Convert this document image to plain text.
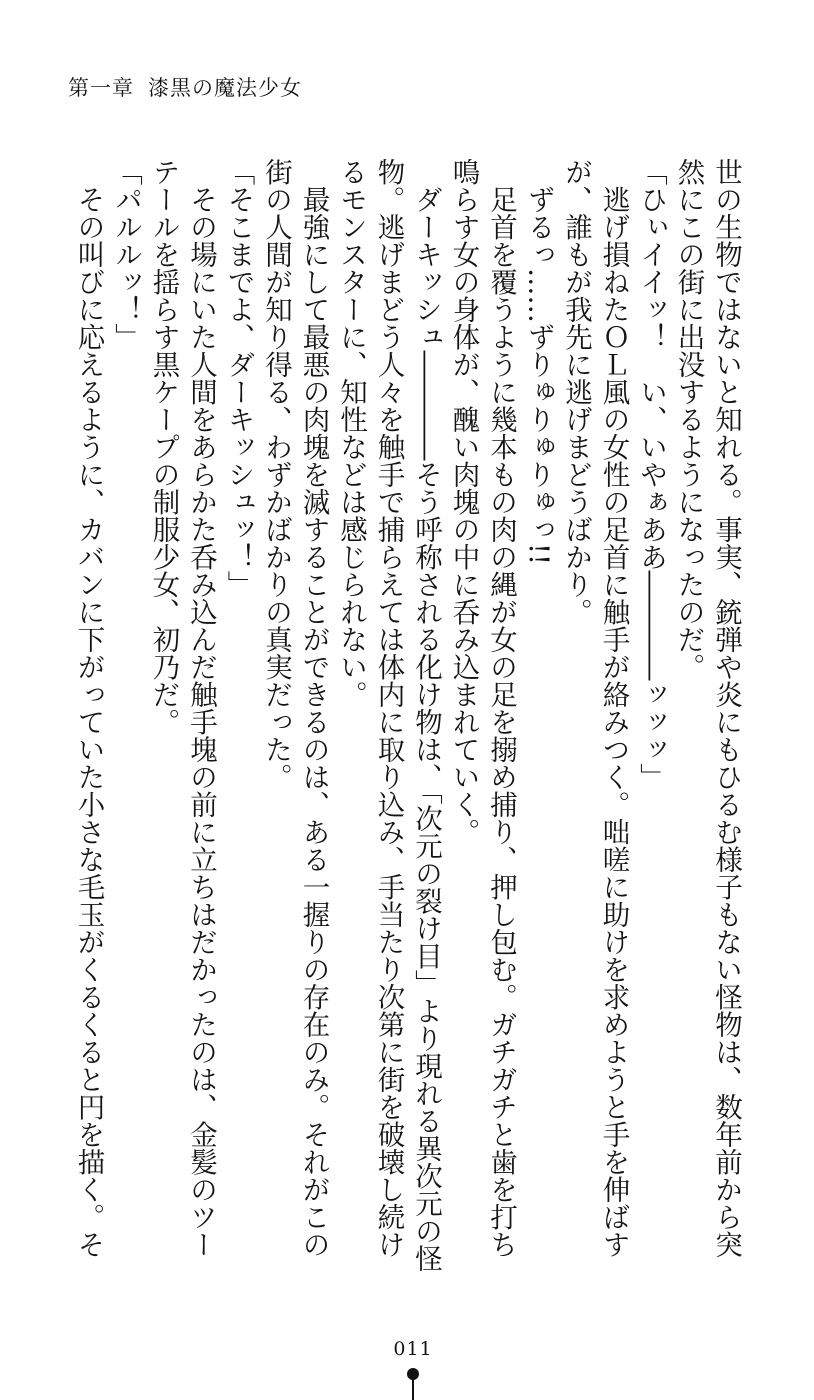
第一章 漆黒の魔法少女
世の生物ではないと知れる。事実、銃弾や炎にもひるむ様子もない怪物は、数年前から突
然にこの街に出没するようになったのだ。
「ひぃイイッ！　い、いやぁああ――――ッッッ」
　逃げ損ねたＯＬ風の女性の足首に触手が絡みつく。咄嗟に助けを求めようと手を伸ばす
が、誰もが我先に逃げまどうばかり。
　ずるっ……ずりゅりゅりゅっ!!
　足首を覆うように幾本もの肉の縄が女の足を搦め捕り、押し包む。ガチガチと歯を打ち
鳴らす女の身体が、醜い肉塊の中に呑み込まれていく。
　ダーキッシュ――――そう呼称される化け物は、「次元の裂け目」より現れる異次元の怪
物。逃げまどう人々を触手で捕らえては体内に取り込み、手当たり次第に街を破壊し続け
るモンスターに、知性などは感じられない。
　最強にして最悪の肉塊を滅することができるのは、ある一握りの存在のみ。それがこの
街の人間が知り得る、わずかばかりの真実だった。
「そこまでよ、ダーキッシュッ！」
　その場にいた人間をあらかた呑み込んだ触手塊の前に立ちはだかったのは、金髪のツー
テールを揺らす黒ケープの制服少女、初乃だ。
「パルルッ！」
　その叫びに応えるように、カバンに下がっていた小さな毛玉がくるくると円を描く。そ
011
